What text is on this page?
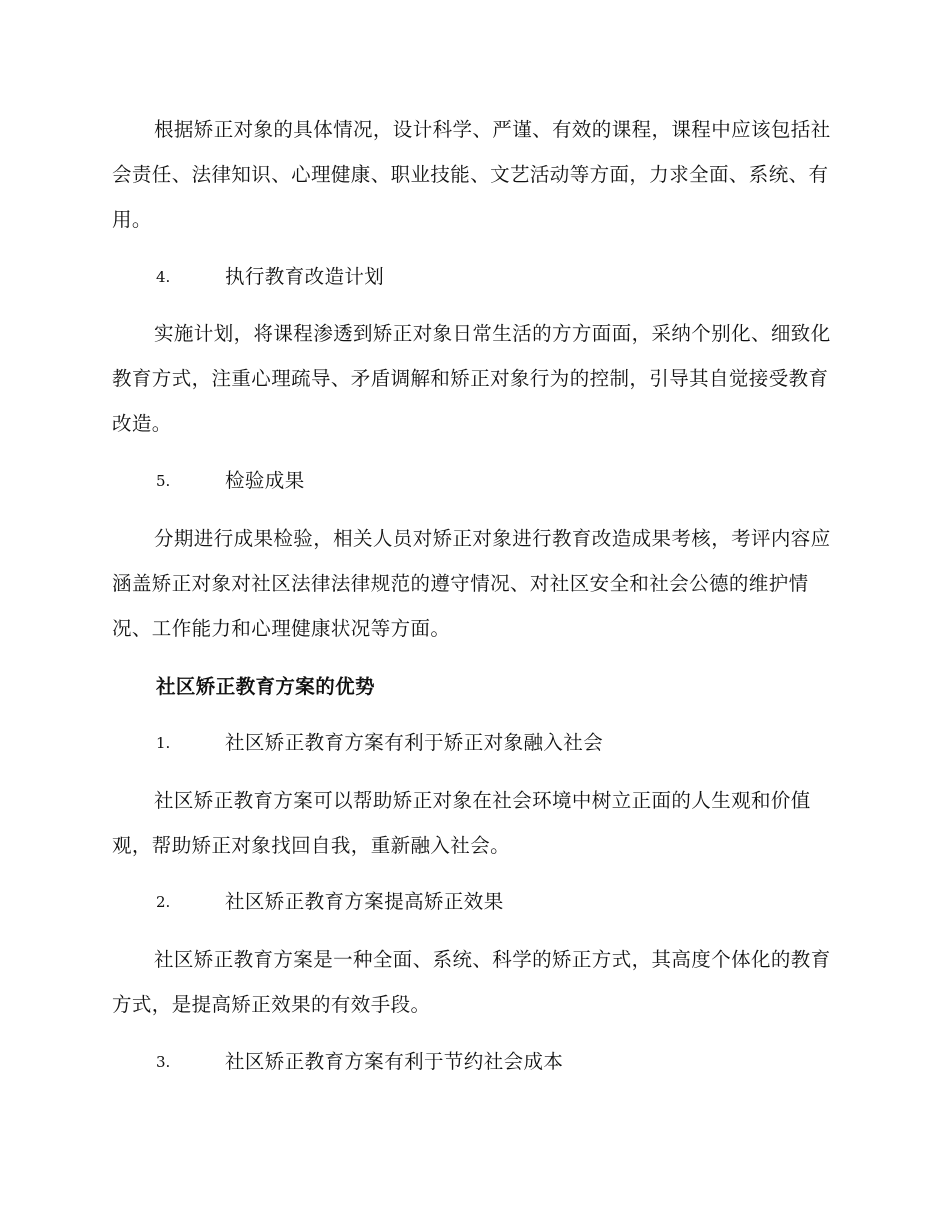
根据矫正对象的具体情况，设计科学、严谨、有效的课程，课程中应该包括社会责任、法律知识、心理健康、职业技能、文艺活动等方面，力求全面、系统、有用。

4.	执行教育改造计划

实施计划，将课程渗透到矫正对象日常生活的方方面面，采纳个别化、细致化教育方式，注重心理疏导、矛盾调解和矫正对象行为的控制，引导其自觉接受教育改造。

5.	检验成果

分期进行成果检验，相关人员对矫正对象进行教育改造成果考核，考评内容应涵盖矫正对象对社区法律法律规范的遵守情况、对社区安全和社会公德的维护情况、工作能力和心理健康状况等方面。

社区矫正教育方案的优势

1.	社区矫正教育方案有利于矫正对象融入社会

社区矫正教育方案可以帮助矫正对象在社会环境中树立正面的人生观和价值观，帮助矫正对象找回自我，重新融入社会。

2.	社区矫正教育方案提高矫正效果

社区矫正教育方案是一种全面、系统、科学的矫正方式，其高度个体化的教育方式，是提高矫正效果的有效手段。

3.	社区矫正教育方案有利于节约社会成本
